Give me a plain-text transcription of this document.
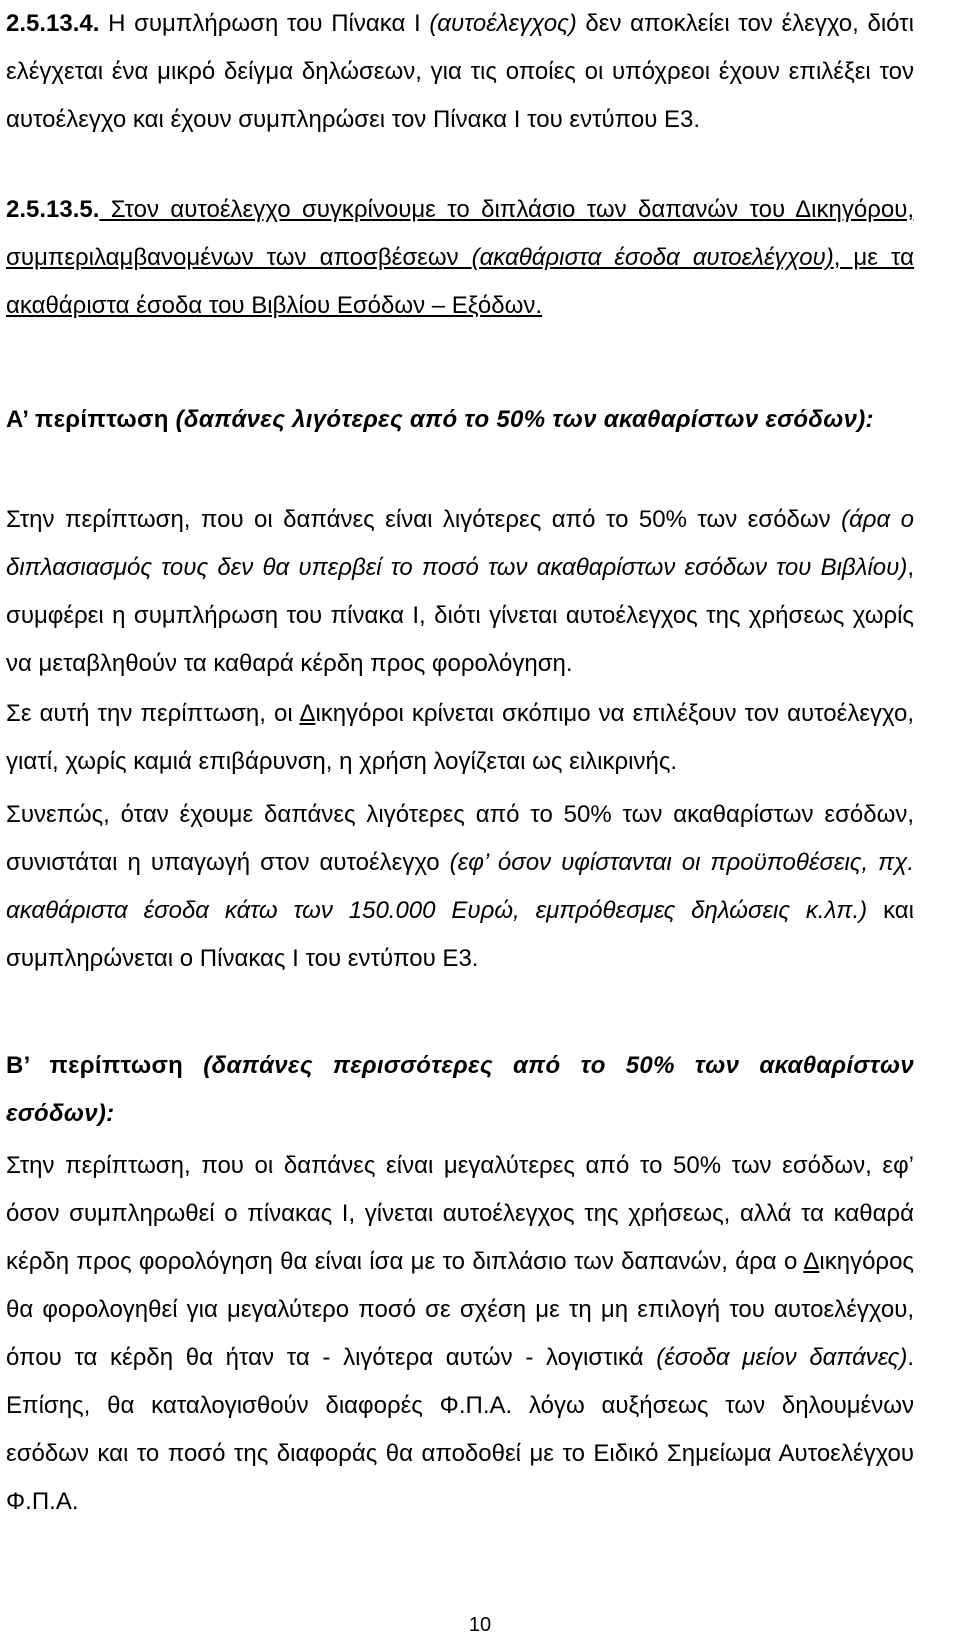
2.5.13.4. Η συμπλήρωση του Πίνακα Ι (αυτοέλεγχος) δεν αποκλείει τον έλεγχο, διότι ελέγχεται ένα μικρό δείγμα δηλώσεων, για τις οποίες οι υπόχρεοι έχουν επιλέξει τον αυτοέλεγχο και έχουν συμπληρώσει τον Πίνακα Ι του εντύπου Ε3.

2.5.13.5. Στον αυτοέλεγχο συγκρίνουμε το διπλάσιο των δαπανών του Δικηγόρου, συμπεριλαμβανομένων των αποσβέσεων (ακαθάριστα έσοδα αυτοελέγχου), με τα ακαθάριστα έσοδα του Βιβλίου Εσόδων – Εξόδων.

Α’ περίπτωση (δαπάνες λιγότερες από το 50% των ακαθαρίστων εσόδων):

Στην περίπτωση, που οι δαπάνες είναι λιγότερες από το 50% των εσόδων (άρα ο διπλασιασμός τους δεν θα υπερβεί το ποσό των ακαθαρίστων εσόδων του Βιβλίου), συμφέρει η συμπλήρωση του πίνακα Ι, διότι γίνεται αυτοέλεγχος της χρήσεως χωρίς να μεταβληθούν τα καθαρά κέρδη προς φορολόγηση.

Σε αυτή την περίπτωση, οι Δικηγόροι κρίνεται σκόπιμο να επιλέξουν τον αυτοέλεγχο, γιατί, χωρίς καμιά επιβάρυνση, η χρήση λογίζεται ως ειλικρινής.

Συνεπώς, όταν έχουμε δαπάνες λιγότερες από το 50% των ακαθαρίστων εσόδων, συνιστάται η υπαγωγή στον αυτοέλεγχο (εφ’ όσον υφίστανται οι προϋποθέσεις, πχ. ακαθάριστα έσοδα κάτω των 150.000 Ευρώ, εμπρόθεσμες δηλώσεις κ.λπ.) και συμπληρώνεται ο Πίνακας Ι του εντύπου Ε3.

Β’ περίπτωση (δαπάνες περισσότερες από το 50% των ακαθαρίστων εσόδων):

Στην περίπτωση, που οι δαπάνες είναι μεγαλύτερες από το 50% των εσόδων, εφ’ όσον συμπληρωθεί ο πίνακας Ι, γίνεται αυτοέλεγχος της χρήσεως, αλλά τα καθαρά κέρδη προς φορολόγηση θα είναι ίσα με το διπλάσιο των δαπανών, άρα ο Δικηγόρος θα φορολογηθεί για μεγαλύτερο ποσό σε σχέση με τη μη επιλογή του αυτοελέγχου, όπου τα κέρδη θα ήταν τα - λιγότερα αυτών - λογιστικά (έσοδα μείον δαπάνες). Επίσης, θα καταλογισθούν διαφορές Φ.Π.Α. λόγω αυξήσεως των δηλουμένων εσόδων και το ποσό της διαφοράς θα αποδοθεί με το Ειδικό Σημείωμα Αυτοελέγχου Φ.Π.Α.

10
